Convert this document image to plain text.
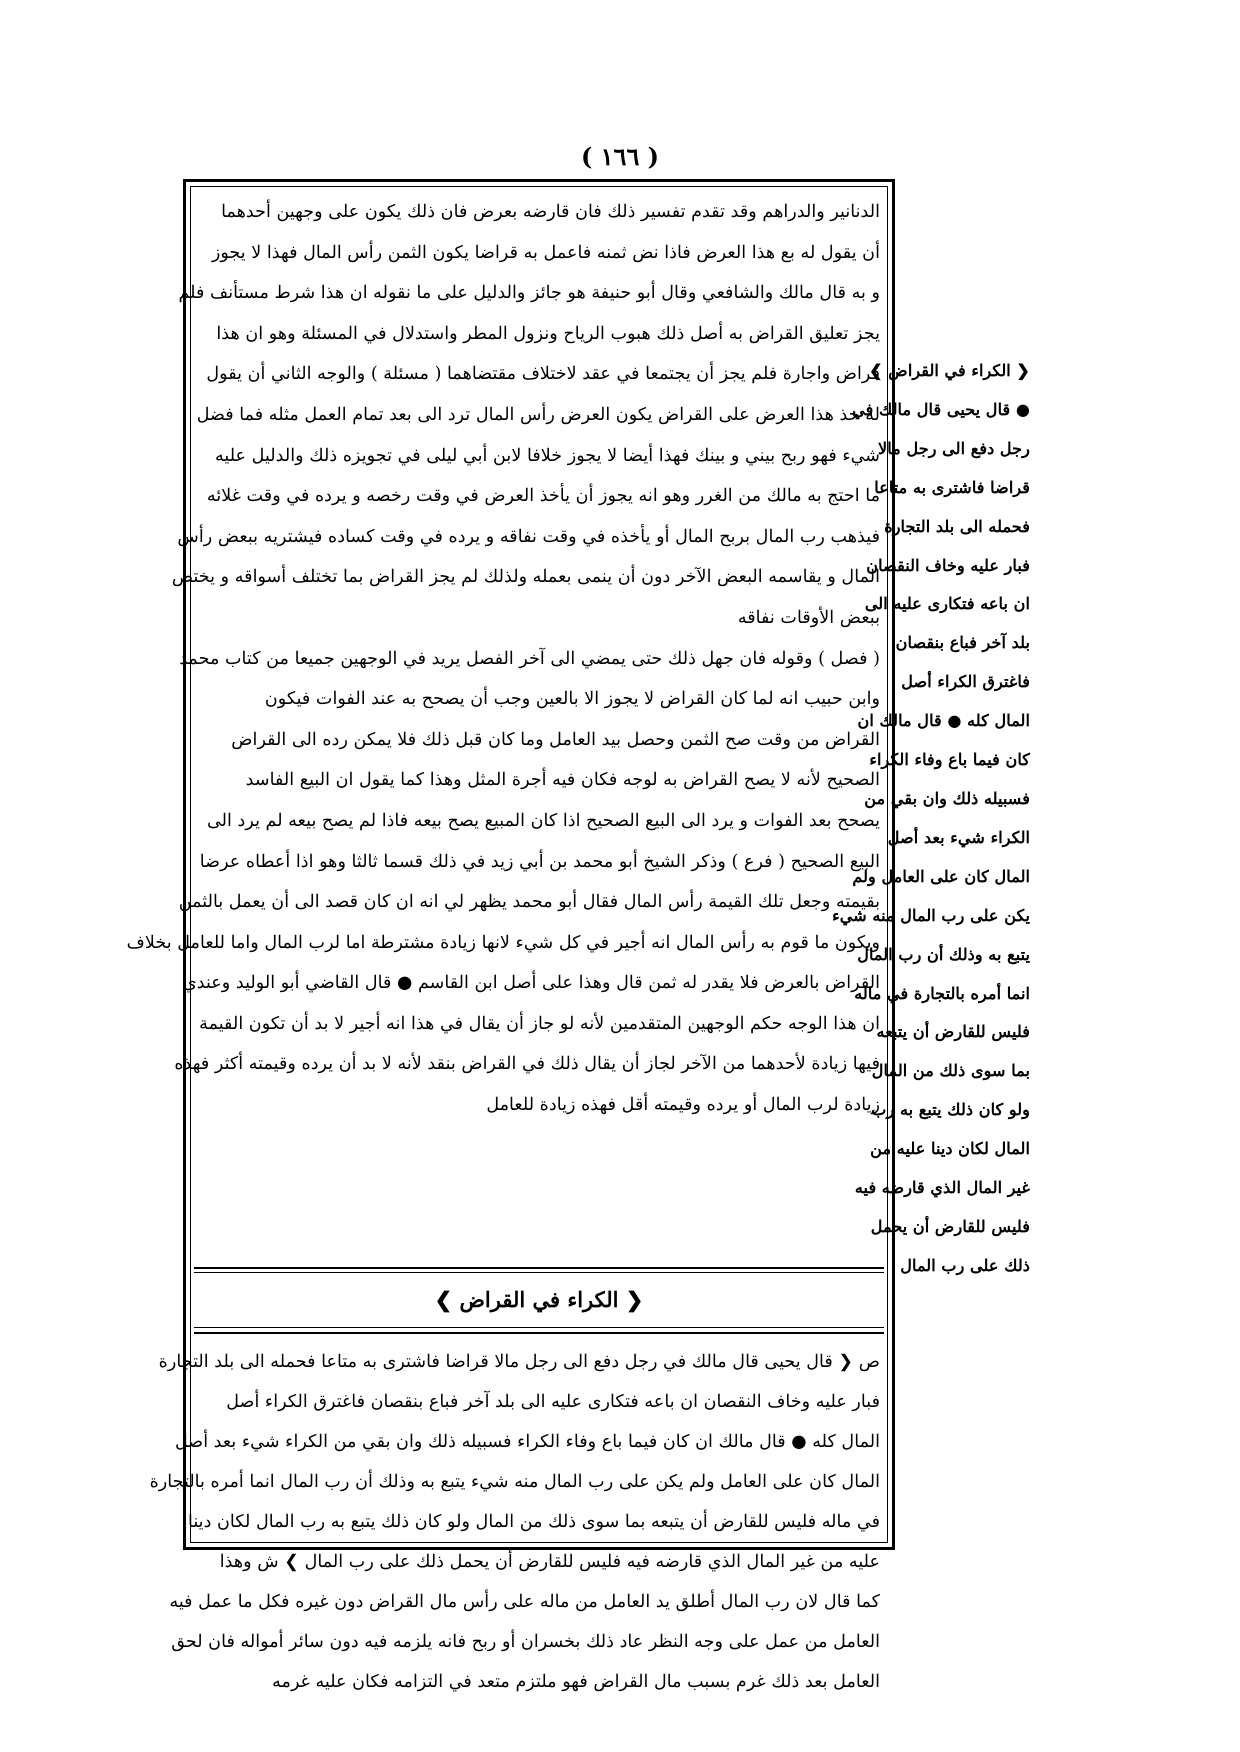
( ١٦٦ )

الدنانير والدراهم وقد تقدم تفسير ذلك فان قارضه بعرض فان ذلك يكون على وجهين أحدهما

أن يقول له بع هذا العرض فاذا نض ثمنه فاعمل به قراضا يكون الثمن رأس المال فهذا لا يجوز

و به قال مالك والشافعي وقال أبو حنيفة هو جائز والدليل على ما نقوله ان هذا شرط مستأنف فلم

يجز تعليق القراض به أصل ذلك هبوب الرياح ونزول المطر واستدلال في المسئلة وهو ان هذا

قراض واجارة فلم يجز أن يجتمعا في عقد لاختلاف مقتضاهما ( مسئلة ) والوجه الثاني أن يقول

له خذ هذا العرض على القراض يكون العرض رأس المال ترد الى بعد تمام العمل مثله فما فضل

شيء فهو ربح بيني و بينك فهذا أيضا لا يجوز خلافا لابن أبي ليلى في تجويزه ذلك والدليل عليه

ما احتج به مالك من الغرر وهو انه يجوز أن يأخذ العرض في وقت رخصه و يرده في وقت غلائه

فيذهب رب المال بربح المال أو يأخذه في وقت نفاقه و يرده في وقت كساده فيشتريه ببعض رأس

المال و يقاسمه البعض الآخر دون أن ينمى بعمله ولذلك لم يجز القراض بما تختلف أسواقه و يختص

ببعض الأوقات نفاقه

( فصل ) وقوله فان جهل ذلك حتى يمضي الى آخر الفصل يريد في الوجهين جميعا من كتاب محمد

وابن حبيب انه لما كان القراض لا يجوز الا بالعين وجب أن يصحح به عند الفوات فيكون

القراض من وقت صح الثمن وحصل بيد العامل وما كان قبل ذلك فلا يمكن رده الى القراض

الصحيح لأنه لا يصح القراض به لوجه فكان فيه أجرة المثل وهذا كما يقول ان البيع الفاسد

يصحح بعد الفوات و يرد الى البيع الصحيح اذا كان المبيع يصح بيعه فاذا لم يصح بيعه لم يرد الى

البيع الصحيح ( فرع ) وذكر الشيخ أبو محمد بن أبي زيد في ذلك قسما ثالثا وهو اذا أعطاه عرضا

بقيمته وجعل تلك القيمة رأس المال فقال أبو محمد يظهر لي انه ان كان قصد الى أن يعمل بالثمن

ويكون ما قوم به رأس المال انه أجير في كل شيء لانها زيادة مشترطة اما لرب المال واما للعامل بخلاف

القراض بالعرض فلا يقدر له ثمن قال وهذا على أصل ابن القاسم ● قال القاضي أبو الوليد وعندي

ان هذا الوجه حكم الوجهين المتقدمين لأنه لو جاز أن يقال في هذا انه أجير لا بد أن تكون القيمة

فيها زيادة لأحدهما من الآخر لجاز أن يقال ذلك في القراض بنقد لأنه لا بد أن يرده وقيمته أكثر فهذه

زيادة لرب المال أو يرده وقيمته أقل فهذه زيادة للعامل

❮ الكراء في القراض ❯

ص ❮ قال يحيى قال مالك في رجل دفع الى رجل مالا قراضا فاشترى به متاعا فحمله الى بلد التجارة

فبار عليه وخاف النقصان ان باعه فتكارى عليه الى بلد آخر فباع بنقصان فاغترق الكراء أصل

المال كله ● قال مالك ان كان فيما باع وفاء الكراء فسبيله ذلك وان بقي من الكراء شيء بعد أصل

المال كان على العامل ولم يكن على رب المال منه شيء يتبع به وذلك أن رب المال انما أمره بالتجارة

في ماله فليس للقارض أن يتبعه بما سوى ذلك من المال ولو كان ذلك يتبع به رب المال لكان دينا

عليه من غير المال الذي قارضه فيه فليس للقارض أن يحمل ذلك على رب المال ❯ ش وهذا

كما قال لان رب المال أطلق يد العامل من ماله على رأس مال القراض دون غيره فكل ما عمل فيه

العامل من عمل على وجه النظر عاد ذلك بخسران أو ربح فانه يلزمه فيه دون سائر أمواله فان لحق

العامل بعد ذلك غرم بسبب مال القراض فهو ملتزم متعد في التزامه فكان عليه غرمه

❮ الكراء في القراض ❯

● قال يحيى قال مالك في

رجل دفع الى رجل مالا

قراضا فاشترى به متاعا

فحمله الى بلد التجارة

فبار عليه وخاف النقصان

ان باعه فتكارى عليه الى

بلد آخر فباع بنقصان

فاغترق الكراء أصل

المال كله ● قال مالك ان

كان فيما باع وفاء الكراء

فسبيله ذلك وان بقي من

الكراء شيء بعد أصل

المال كان على العامل ولم

يكن على رب المال منه شيء

يتبع به وذلك أن رب المال

انما أمره بالتجارة في ماله

فليس للقارض أن يتبعه

بما سوى ذلك من المال

ولو كان ذلك يتبع به رب

المال لكان دينا عليه من

غير المال الذي قارضه فيه

فليس للقارض أن يحمل

ذلك على رب المال
